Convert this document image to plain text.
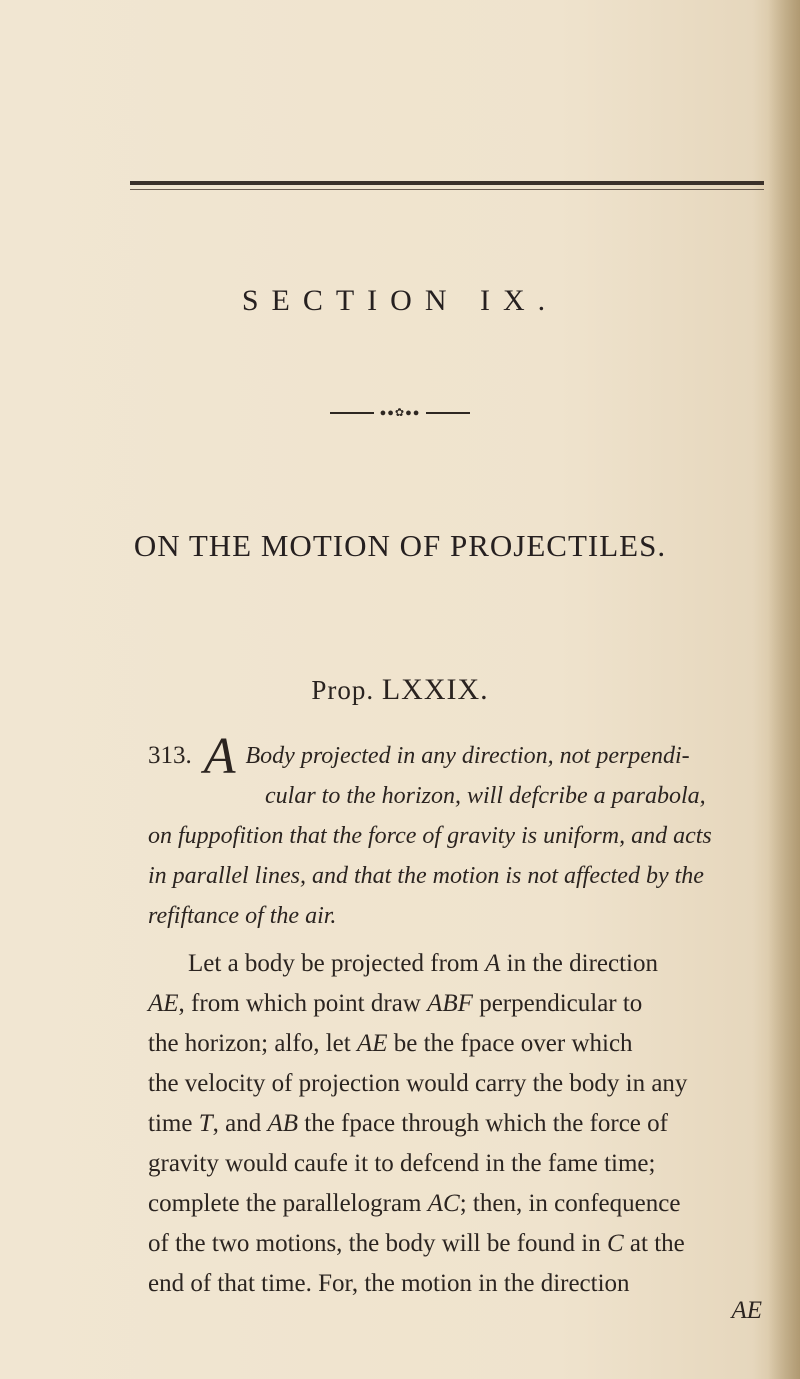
SECTION IX.
●●✿●●
ON THE MOTION OF PROJECTILES.
Prop. LXXIX.
313. A Body projected in any direction, not perpendi-
cular to the horizon, will defcribe a parabola,
on fuppofition that the force of gravity is uniform, and acts
in parallel lines, and that the motion is not affected by the
refiftance of the air.
Let a body be projected from A in the direction
AE, from which point draw ABF perpendicular to
the horizon; alfo, let AE be the fpace over which
the velocity of projection would carry the body in any
time T, and AB the fpace through which the force of
gravity would caufe it to defcend in the fame time;
complete the parallelogram AC; then, in confequence
of the two motions, the body will be found in C at the
end of that time. For, the motion in the direction
AE
